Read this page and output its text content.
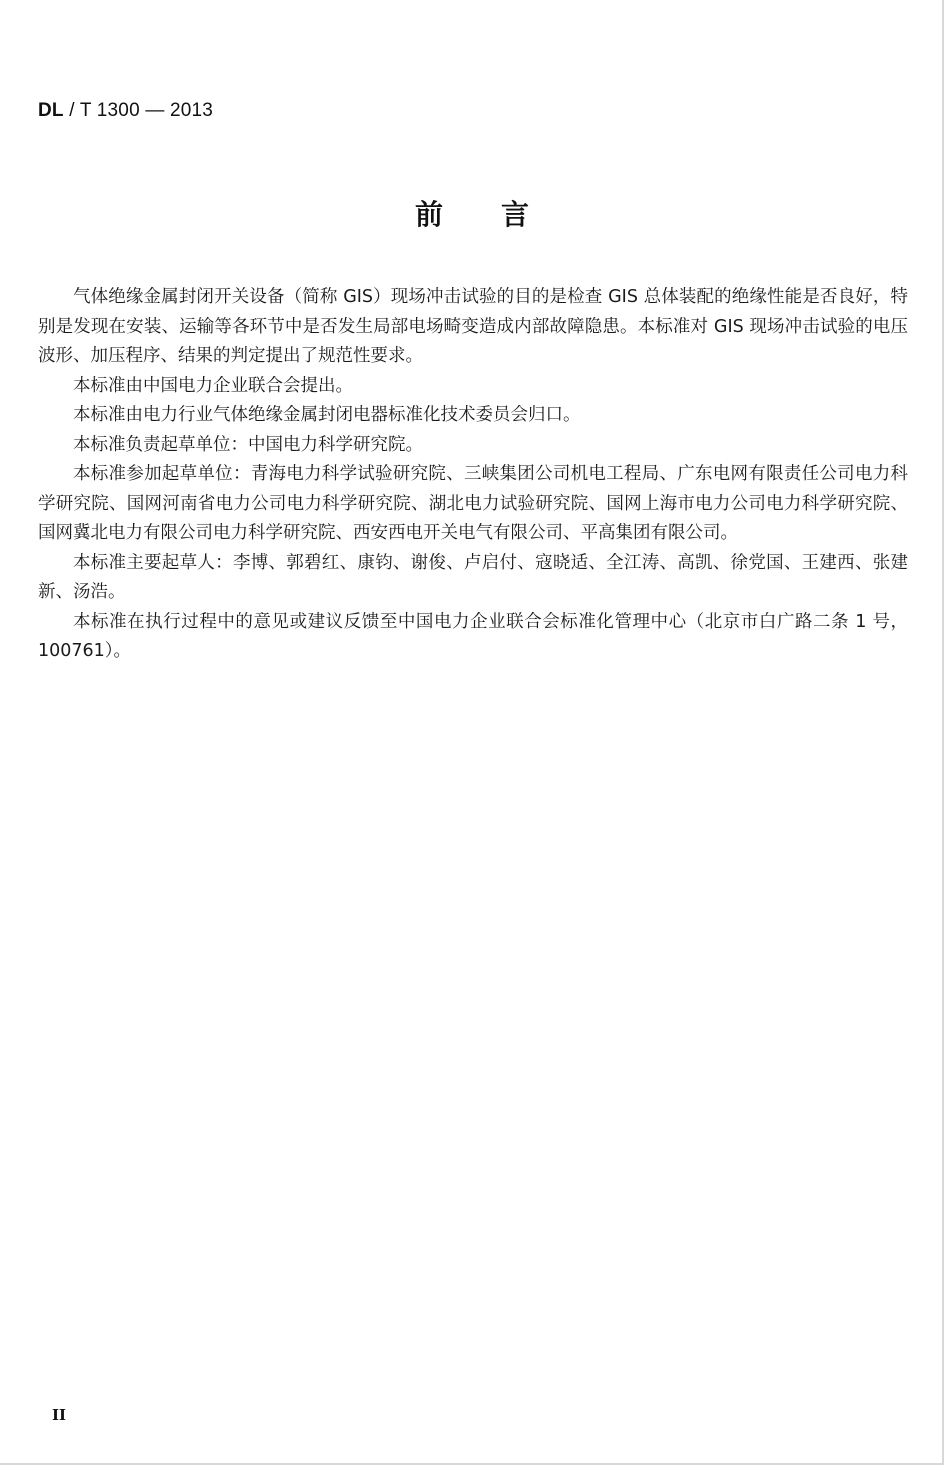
DL / T 1300 — 2013
前言

气体绝缘金属封闭开关设备（简称 GIS）现场冲击试验的目的是检查 GIS 总体装配的绝缘性能是否良好，特别是发现在安装、运输等各环节中是否发生局部电场畸变造成内部故障隐患。本标准对 GIS 现场冲击试验的电压波形、加压程序、结果的判定提出了规范性要求。

本标准由中国电力企业联合会提出。

本标准由电力行业气体绝缘金属封闭电器标准化技术委员会归口。

本标准负责起草单位：中国电力科学研究院。

本标准参加起草单位：青海电力科学试验研究院、三峡集团公司机电工程局、广东电网有限责任公司电力科学研究院、国网河南省电力公司电力科学研究院、湖北电力试验研究院、国网上海市电力公司电力科学研究院、国网冀北电力有限公司电力科学研究院、西安西电开关电气有限公司、平高集团有限公司。

本标准主要起草人：李博、郭碧红、康钧、谢俊、卢启付、寇晓适、全江涛、高凯、徐党国、王建西、张建新、汤浩。

本标准在执行过程中的意见或建议反馈至中国电力企业联合会标准化管理中心（北京市白广路二条 1 号，100761）。

II
